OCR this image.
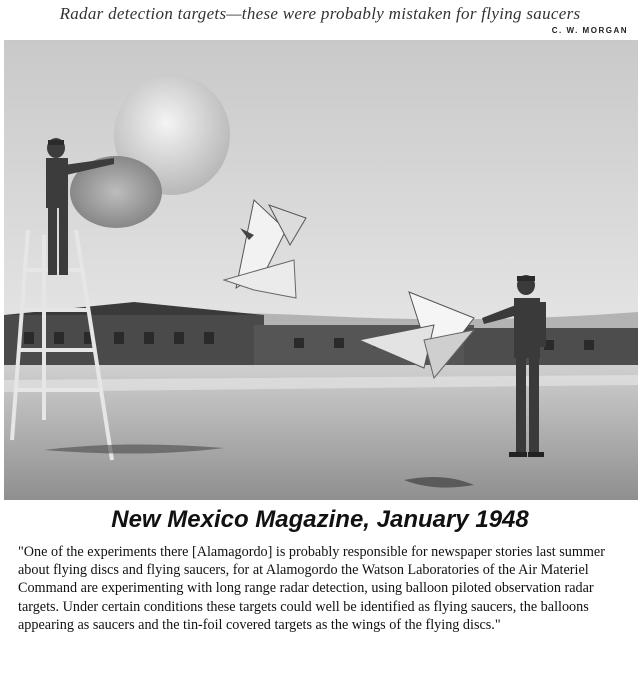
Radar detection targets—these were probably mistaken for flying saucers
C. W. MORGAN
New Mexico Magazine, January 1948
"One of the experiments there [Alamagordo] is probably responsible for newspaper stories last summer about flying discs and flying saucers, for at Alamogordo the Watson Laboratories of the Air Materiel Command are experimenting with long range radar detection, using balloon piloted observation radar targets. Under certain conditions these targets could well be identified as flying saucers, the balloons appearing as saucers and the tin-foil covered targets as the wings of the flying discs."
